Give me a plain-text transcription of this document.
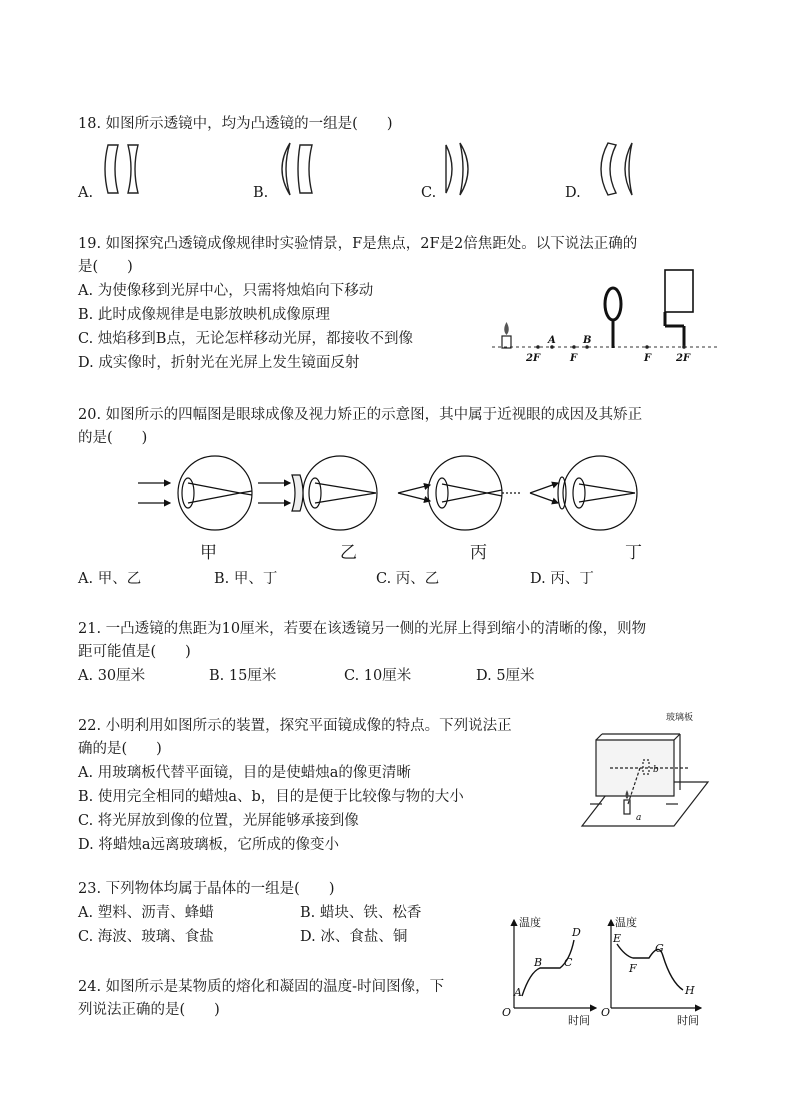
18. 如图所示透镜中，均为凸透镜的一组是(　　)
A.	B.	C.	D.
19. 如图探究凸透镜成像规律时实验情景，F是焦点，2F是2倍焦距处。以下说法正确的
是(　　)
A. 为使像移到光屏中心，只需将烛焰向下移动
B. 此时成像规律是电影放映机成像原理
C. 烛焰移到B点，无论怎样移动光屏，都接收不到像
D. 成实像时，折射光在光屏上发生镜面反射
A	B
2F	F	F 2F
20. 如图所示的四幅图是眼球成像及视力矫正的示意图，其中属于近视眼的成因及其矫正
的是(　　)
甲	乙	丙	丁
A. 甲、乙	B. 甲、丁	C. 丙、乙	D. 丙、丁
21. 一凸透镜的焦距为10厘米，若要在该透镜另一侧的光屏上得到缩小的清晰的像，则物
距可能值是(　　)
A. 30厘米	B. 15厘米	C. 10厘米	D. 5厘米
22. 小明利用如图所示的装置，探究平面镜成像的特点。下列说法正
确的是(　　)
A. 用玻璃板代替平面镜，目的是使蜡烛a的像更清晰
B. 使用完全相同的蜡烛a、b，目的是便于比较像与物的大小
C. 将光屏放到像的位置，光屏能够承接到像
D. 将蜡烛a远离玻璃板，它所成的像变小
玻璃板
a
b
23. 下列物体均属于晶体的一组是(　　)
A. 塑料、沥青、蜂蜡	B. 蜡块、铁、松香
C. 海波、玻璃、食盐	D. 冰、食盐、铜
24. 如图所示是某物质的熔化和凝固的温度-时间图像，下
列说法正确的是(　　)
温度
时间
O
A
B C
D
温度
时间
O
E
F
G
H
